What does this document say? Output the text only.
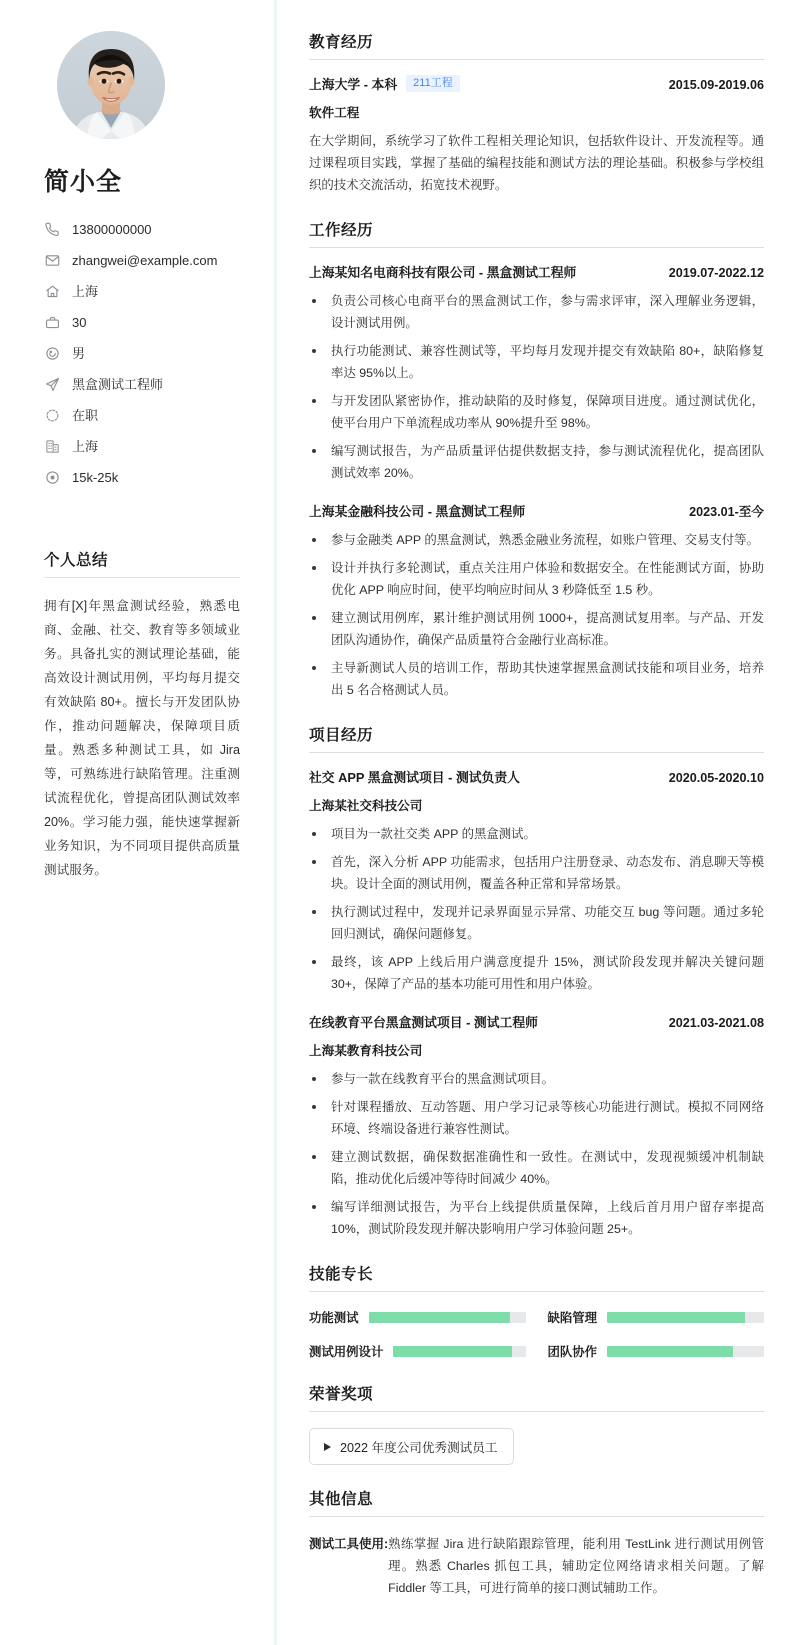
简小全
13800000000
zhangwei@example.com
上海
30
男
黑盒测试工程师
在职
上海
15k-25k
个人总结
拥有[X]年黑盒测试经验，熟悉电商、金融、社交、教育等多领域业务。具备扎实的测试理论基础，能高效设计测试用例，平均每月提交有效缺陷 80+。擅长与开发团队协作，推动问题解决，保障项目质量。熟悉多种测试工具，如 Jira 等，可熟练进行缺陷管理。注重测试流程优化，曾提高团队测试效率 20%。学习能力强，能快速掌握新业务知识，为不同项目提供高质量测试服务。
教育经历
上海大学 - 本科	211工程	2015.09-2019.06
软件工程
在大学期间，系统学习了软件工程相关理论知识，包括软件设计、开发流程等。通过课程项目实践，掌握了基础的编程技能和测试方法的理论基础。积极参与学校组织的技术交流活动，拓宽技术视野。
工作经历
上海某知名电商科技有限公司 - 黑盒测试工程师	2019.07-2022.12
负责公司核心电商平台的黑盒测试工作，参与需求评审，深入理解业务逻辑，设计测试用例。
执行功能测试、兼容性测试等，平均每月发现并提交有效缺陷 80+，缺陷修复率达 95%以上。
与开发团队紧密协作，推动缺陷的及时修复，保障项目进度。通过测试优化，使平台用户下单流程成功率从 90%提升至 98%。
编写测试报告，为产品质量评估提供数据支持，参与测试流程优化，提高团队测试效率 20%。
上海某金融科技公司 - 黑盒测试工程师	2023.01-至今
参与金融类 APP 的黑盒测试，熟悉金融业务流程，如账户管理、交易支付等。
设计并执行多轮测试，重点关注用户体验和数据安全。在性能测试方面，协助优化 APP 响应时间，使平均响应时间从 3 秒降低至 1.5 秒。
建立测试用例库，累计维护测试用例 1000+，提高测试复用率。与产品、开发团队沟通协作，确保产品质量符合金融行业高标准。
主导新测试人员的培训工作，帮助其快速掌握黑盒测试技能和项目业务，培养出 5 名合格测试人员。
项目经历
社交 APP 黑盒测试项目 - 测试负责人	2020.05-2020.10
上海某社交科技公司
项目为一款社交类 APP 的黑盒测试。
首先，深入分析 APP 功能需求，包括用户注册登录、动态发布、消息聊天等模块。设计全面的测试用例，覆盖各种正常和异常场景。
执行测试过程中，发现并记录界面显示异常、功能交互 bug 等问题。通过多轮回归测试，确保问题修复。
最终，该 APP 上线后用户满意度提升 15%，测试阶段发现并解决关键问题 30+，保障了产品的基本功能可用性和用户体验。
在线教育平台黑盒测试项目 - 测试工程师	2021.03-2021.08
上海某教育科技公司
参与一款在线教育平台的黑盒测试项目。
针对课程播放、互动答题、用户学习记录等核心功能进行测试。模拟不同网络环境、终端设备进行兼容性测试。
建立测试数据，确保数据准确性和一致性。在测试中，发现视频缓冲机制缺陷，推动优化后缓冲等待时间减少 40%。
编写详细测试报告，为平台上线提供质量保障，上线后首月用户留存率提高 10%，测试阶段发现并解决影响用户学习体验问题 25+。
技能专长
功能测试	缺陷管理
测试用例设计	团队协作
荣誉奖项
2022 年度公司优秀测试员工
其他信息
测试工具使用: 熟练掌握 Jira 进行缺陷跟踪管理，能利用 TestLink 进行测试用例管理。熟悉 Charles 抓包工具，辅助定位网络请求相关问题。了解 Fiddler 等工具，可进行简单的接口测试辅助工作。
